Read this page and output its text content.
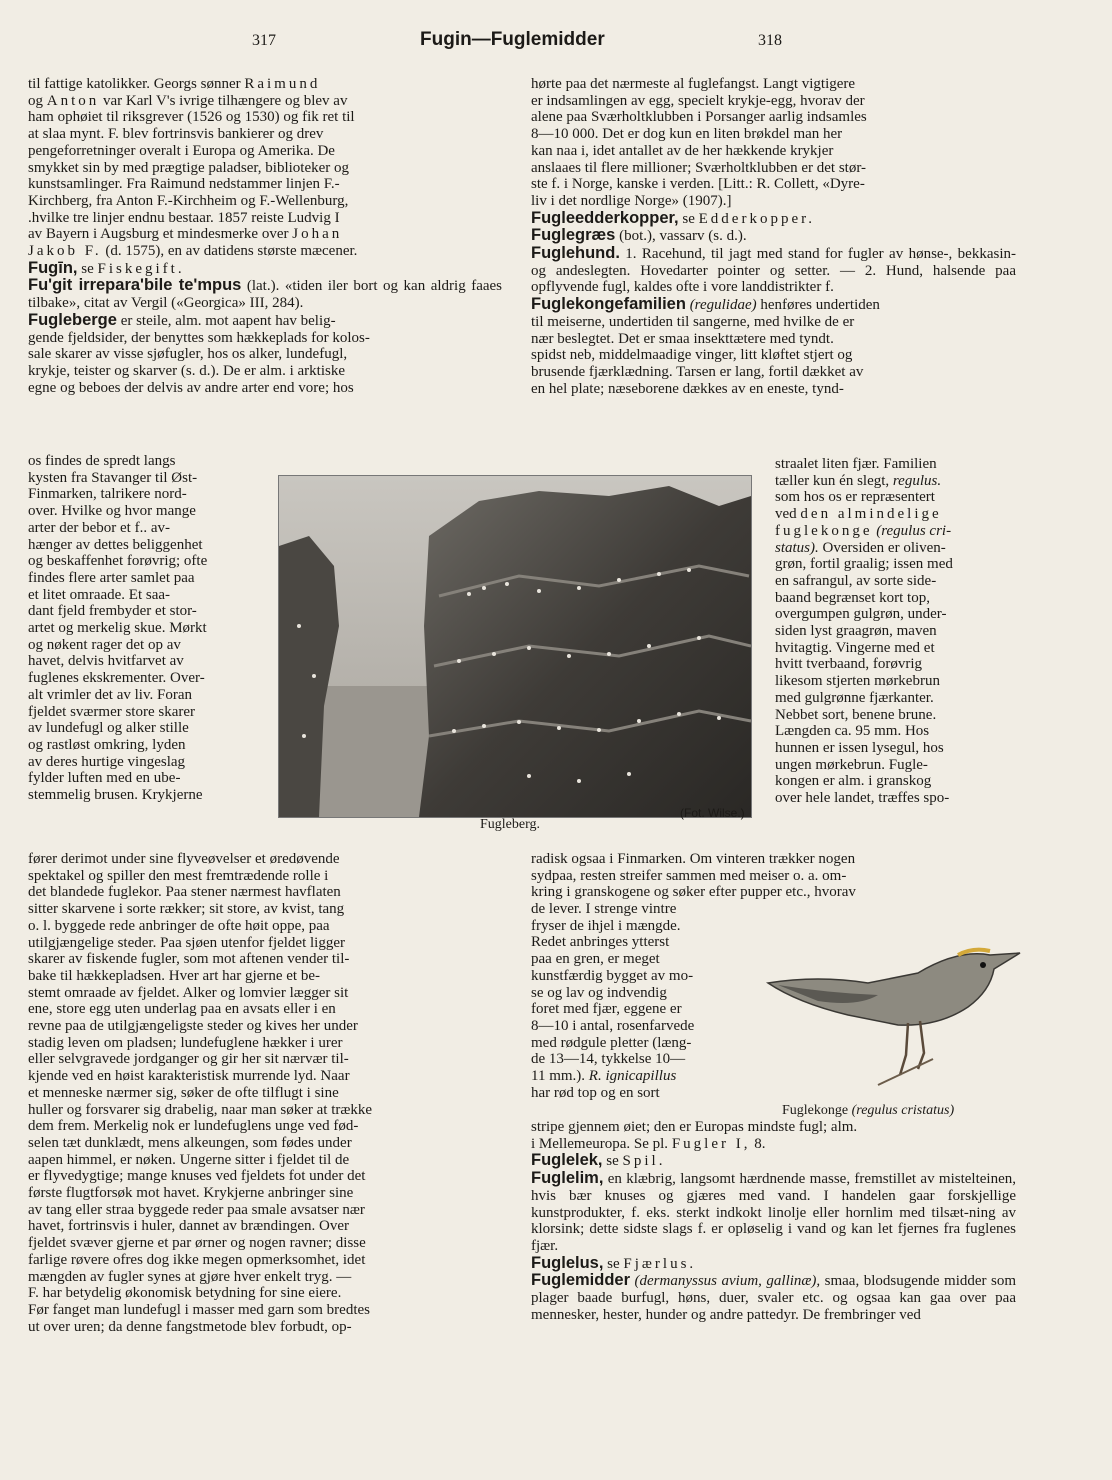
317	Fugin—Fuglemidder	318

til fattige katolikker. Georgs sønner Raimund
og Anton var Karl V's ivrige tilhængere og blev av
ham ophøiet til riksgrever (1526 og 1530) og fik ret til
at slaa mynt. F. blev fortrinsvis bankierer og drev
pengeforretninger overalt i Europa og Amerika. De
smykket sin by med prægtige paladser, biblioteker og
kunstsamlinger. Fra Raimund nedstammer linjen F.-
Kirchberg, fra Anton F.-Kirchheim og F.-Wellenburg,
.hvilke tre linjer endnu bestaar. 1857 reiste Ludvig I
av Bayern i Augsburg et mindesmerke over Johan
Jakob F. (d. 1575), en av datidens største mæcener.

Fugīn, se Fiskegift.

Fu'git irrepara'bile te'mpus (lat.). «tiden iler bort og kan aldrig faaes tilbake», citat av Vergil («Georgica» III, 284).

Fugleberge er steile, alm. mot aapent hav belig-
gende fjeldsider, der benyttes som hækkeplads for kolos-
sale skarer av visse sjøfugler, hos os alker, lundefugl,
krykje, teister og skarver (s. d.). De er alm. i arktiske
egne og beboes der delvis av andre arter end vore; hos

os findes de spredt langs
kysten fra Stavanger til Øst-
Finmarken, talrikere nord-
over. Hvilke og hvor mange
arter der bebor et f.. av-
hænger av dettes beliggenhet
og beskaffenhet forøvrig; ofte
findes flere arter samlet paa
et litet omraade. Et saa-
dant fjeld frembyder et stor-
artet og merkelig skue. Mørkt
og nøkent rager det op av
havet, delvis hvitfarvet av
fuglenes ekskrementer. Over-
alt vrimler det av liv. Foran
fjeldet sværmer store skarer
av lundefugl og alker stille
og rastløst omkring, lyden
av deres hurtige vingeslag
fylder luften med en ube-
stemmelig brusen. Krykjerne
fører derimot under sine flyveøvelser et øredøvende
spektakel og spiller den mest fremtrædende rolle i
det blandede fuglekor. Paa stener nærmest havflaten
sitter skarvene i sorte rækker; sit store, av kvist, tang
o. l. byggede rede anbringer de ofte høit oppe, paa
utilgjængelige steder. Paa sjøen utenfor fjeldet ligger
skarer av fiskende fugler, som mot aftenen vender til-
bake til hækkepladsen. Hver art har gjerne et be-
stemt omraade av fjeldet. Alker og lomvier lægger sit
ene, store egg uten underlag paa en avsats eller i en
revne paa de utilgjængeligste steder og kives her under
stadig leven om pladsen; lundefuglene hækker i urer
eller selvgravede jordganger og gir her sit nærvær til-
kjende ved en høist karakteristisk murrende lyd. Naar
et menneske nærmer sig, søker de ofte tilflugt i sine
huller og forsvarer sig drabelig, naar man søker at trække
dem frem. Merkelig nok er lundefuglens unge ved fød-
selen tæt dunklædt, mens alkeungen, som fødes under
aapen himmel, er nøken. Ungerne sitter i fjeldet til de
er flyvedygtige; mange knuses ved fjeldets fot under det
første flugtforsøk mot havet. Krykjerne anbringer sine
av tang eller straa byggede reder paa smale avsatser nær
havet, fortrinsvis i huler, dannet av brændingen. Over
fjeldet svæver gjerne et par ørner og nogen ravner; disse
farlige røvere ofres dog ikke megen opmerksomhet, idet
mængden av fugler synes at gjøre hver enkelt tryg. —
F. har betydelig økonomisk betydning for sine eiere.
Før fanget man lundefugl i masser med garn som bredtes
ut over uren; da denne fangstmetode blev forbudt, op-
(Fot. Wilse.)
Fugleberg.

hørte paa det nærmeste al fuglefangst. Langt vigtigere
er indsamlingen av egg, specielt krykje-egg, hvorav der
alene paa Sværholtklubben i Porsanger aarlig indsamles
8—10 000. Det er dog kun en liten brøkdel man her
kan naa i, idet antallet av de her hækkende krykjer
anslaaes til flere millioner; Sværholtklubben er det stør-
ste f. i Norge, kanske i verden. [Litt.: R. Collett, «Dyre-
liv i det nordlige Norge» (1907).]

Fugleedderkopper, se Edderkopper.

Fuglegræs (bot.), vassarv (s. d.).

Fuglehund. 1. Racehund, til jagt med stand for fugler av hønse-, bekkasin- og andeslegten. Hovedarter pointer og setter. — 2. Hund, halsende paa opflyvende fugl, kaldes ofte i vore landdistrikter f.

Fuglekongefamilien (regulidae) henføres undertiden
til meiserne, undertiden til sangerne, med hvilke de er
nær beslegtet. Det er smaa insekttætere med tyndt.
spidst neb, middelmaadige vinger, litt kløftet stjert og
brusende fjærklædning. Tarsen er lang, fortil dækket av
en hel plate; næseborene dækkes av en eneste, tynd-

straalet liten fjær. Familien
tæller kun én slegt, regulus.
som hos os er repræsentert
ved den almindelige
fuglekonge (regulus cri-
status). Oversiden er oliven-
grøn, fortil graalig; issen med
en safrangul, av sorte side-
baand begrænset kort top,
overgumpen gulgrøn, under-
siden lyst graagrøn, maven
hvitagtig. Vingerne med et
hvitt tverbaand, forøvrig
likesom stjerten mørkebrun
med gulgrønne fjærkanter.
Nebbet sort, benene brune.
Længden ca. 95 mm. Hos
hunnen er issen lysegul, hos
ungen mørkebrun. Fugle-
kongen er alm. i granskog
over hele landet, træffes spo-
radisk ogsaa i Finmarken. Om vinteren trækker nogen
sydpaa, resten streifer sammen med meiser o. a. om-
kring i granskogene og søker efter pupper etc., hvorav
de lever. I strenge vintre
fryser de ihjel i mængde.
Redet anbringes ytterst
paa en gren, er meget
kunstfærdig bygget av mo-
se og lav og indvendig
foret med fjær, eggene er
8—10 i antal, rosenfarvede
med rødgule pletter (læng-
de 13—14, tykkelse 10—
11 mm.). R. ignicapillus
har rød top og en sort
Fuglekonge (regulus cristatus)
stripe gjennem øiet; den er Europas mindste fugl; alm.
i Mellemeuropa. Se pl. Fugler I, 8.

Fuglelek, se Spil.

Fuglelim, en klæbrig, langsomt hærdnende masse, fremstillet av mistelteinen, hvis bær knuses og gjæres med vand. I handelen gaar forskjellige kunstprodukter, f. eks. sterkt indkokt linolje eller hornlim med tilsæt-ning av klorsink; dette sidste slags f. er opløselig i vand og kan let fjernes fra fuglenes fjær.

Fuglelus, se Fjærlus.

Fuglemidder (dermanyssus avium, gallinæ), smaa, blodsugende midder som plager baade burfugl, høns, duer, svaler etc. og ogsaa kan gaa over paa mennesker, hester, hunder og andre pattedyr. De frembringer ved
